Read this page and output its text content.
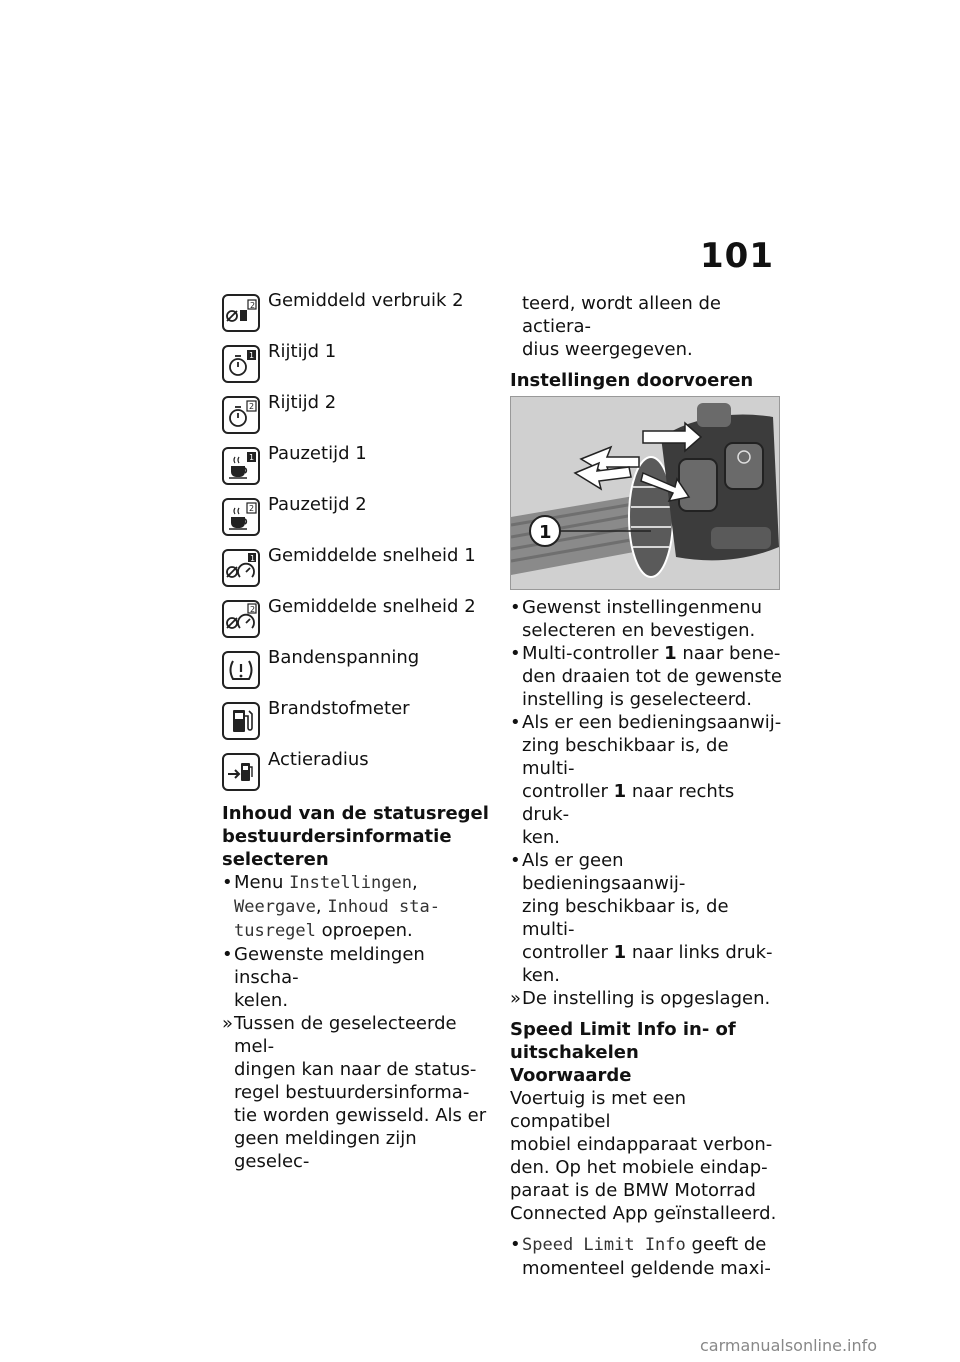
101
2 Gemiddeld verbruik 2
1 Rijtijd 1
2 Rijtijd 2
1 Pauzetijd 1
2 Pauzetijd 2
1 Gemiddelde snelheid 1
2 Gemiddelde snelheid 2
Bandenspanning
Brandstofmeter
Actieradius

Inhoud van de statusregel
bestuurdersinformatie
selecteren

• Menu Instellingen,
Weergave, Inhoud sta-
tusregel oproepen.
• Gewenste meldingen inscha-
kelen.
» Tussen de geselecteerde mel-
dingen kan naar de status-
regel bestuurdersinforma-
tie worden gewisseld. Als er
geen meldingen zijn geselec-
teerd, wordt alleen de actiera-
dius weergegeven.

Instellingen doorvoeren

1
• Gewenst instellingenmenu
selecteren en bevestigen.
• Multi-controller 1 naar bene-
den draaien tot de gewenste
instelling is geselecteerd.
• Als er een bedieningsaanwij-
zing beschikbaar is, de multi-
controller 1 naar rechts druk-
ken.
• Als er geen bedieningsaanwij-
zing beschikbaar is, de multi-
controller 1 naar links druk-
ken.
» De instelling is opgeslagen.

Speed Limit Info in- of
uitschakelen
Voorwaarde

Voertuig is met een compatibel
mobiel eindapparaat verbon-
den. Op het mobiele eindap-
paraat is de BMW Motorrad
Connected App geïnstalleerd.

• Speed Limit Info geeft de
momenteel geldende maxi-
carmanualsonline.info
